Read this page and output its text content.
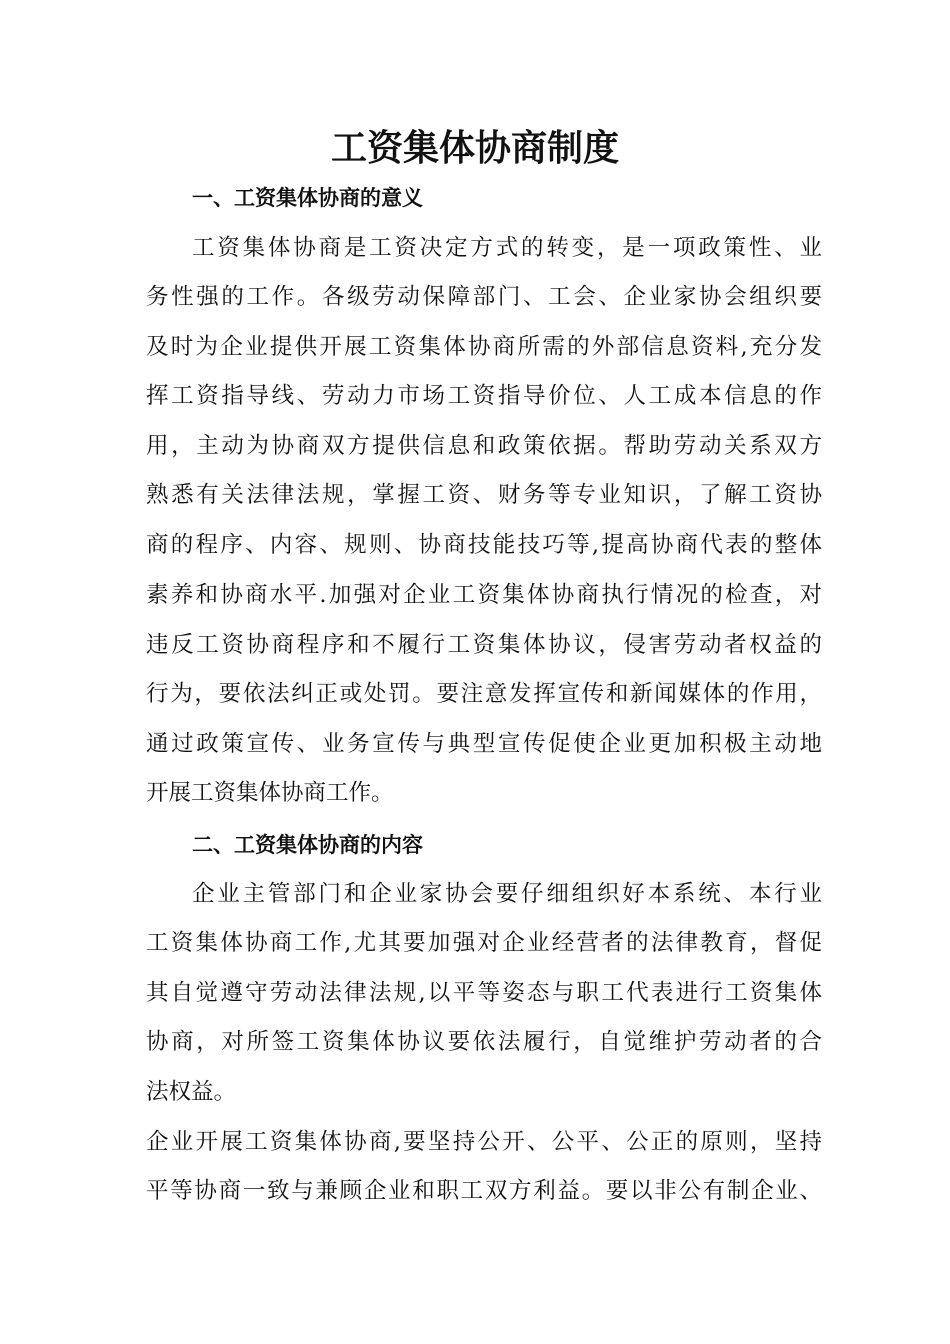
工资集体协商制度
一、工资集体协商的意义
工资集体协商是工资决定方式的转变，是一项政策性、业
务性强的工作。各级劳动保障部门、工会、企业家协会组织要
及时为企业提供开展工资集体协商所需的外部信息资料,充分发
挥工资指导线、劳动力市场工资指导价位、人工成本信息的作
用，主动为协商双方提供信息和政策依据。帮助劳动关系双方
熟悉有关法律法规，掌握工资、财务等专业知识，了解工资协
商的程序、内容、规则、协商技能技巧等,提高协商代表的整体
素养和协商水平.加强对企业工资集体协商执行情况的检查，对
违反工资协商程序和不履行工资集体协议，侵害劳动者权益的
行为，要依法纠正或处罚。要注意发挥宣传和新闻媒体的作用，
通过政策宣传、业务宣传与典型宣传促使企业更加积极主动地
开展工资集体协商工作。
二、工资集体协商的内容
企业主管部门和企业家协会要仔细组织好本系统、本行业
工资集体协商工作,尤其要加强对企业经营者的法律教育，督促
其自觉遵守劳动法律法规,以平等姿态与职工代表进行工资集体
协商，对所签工资集体协议要依法履行，自觉维护劳动者的合
法权益。
企业开展工资集体协商,要坚持公开、公平、公正的原则，坚持
平等协商一致与兼顾企业和职工双方利益。要以非公有制企业、
